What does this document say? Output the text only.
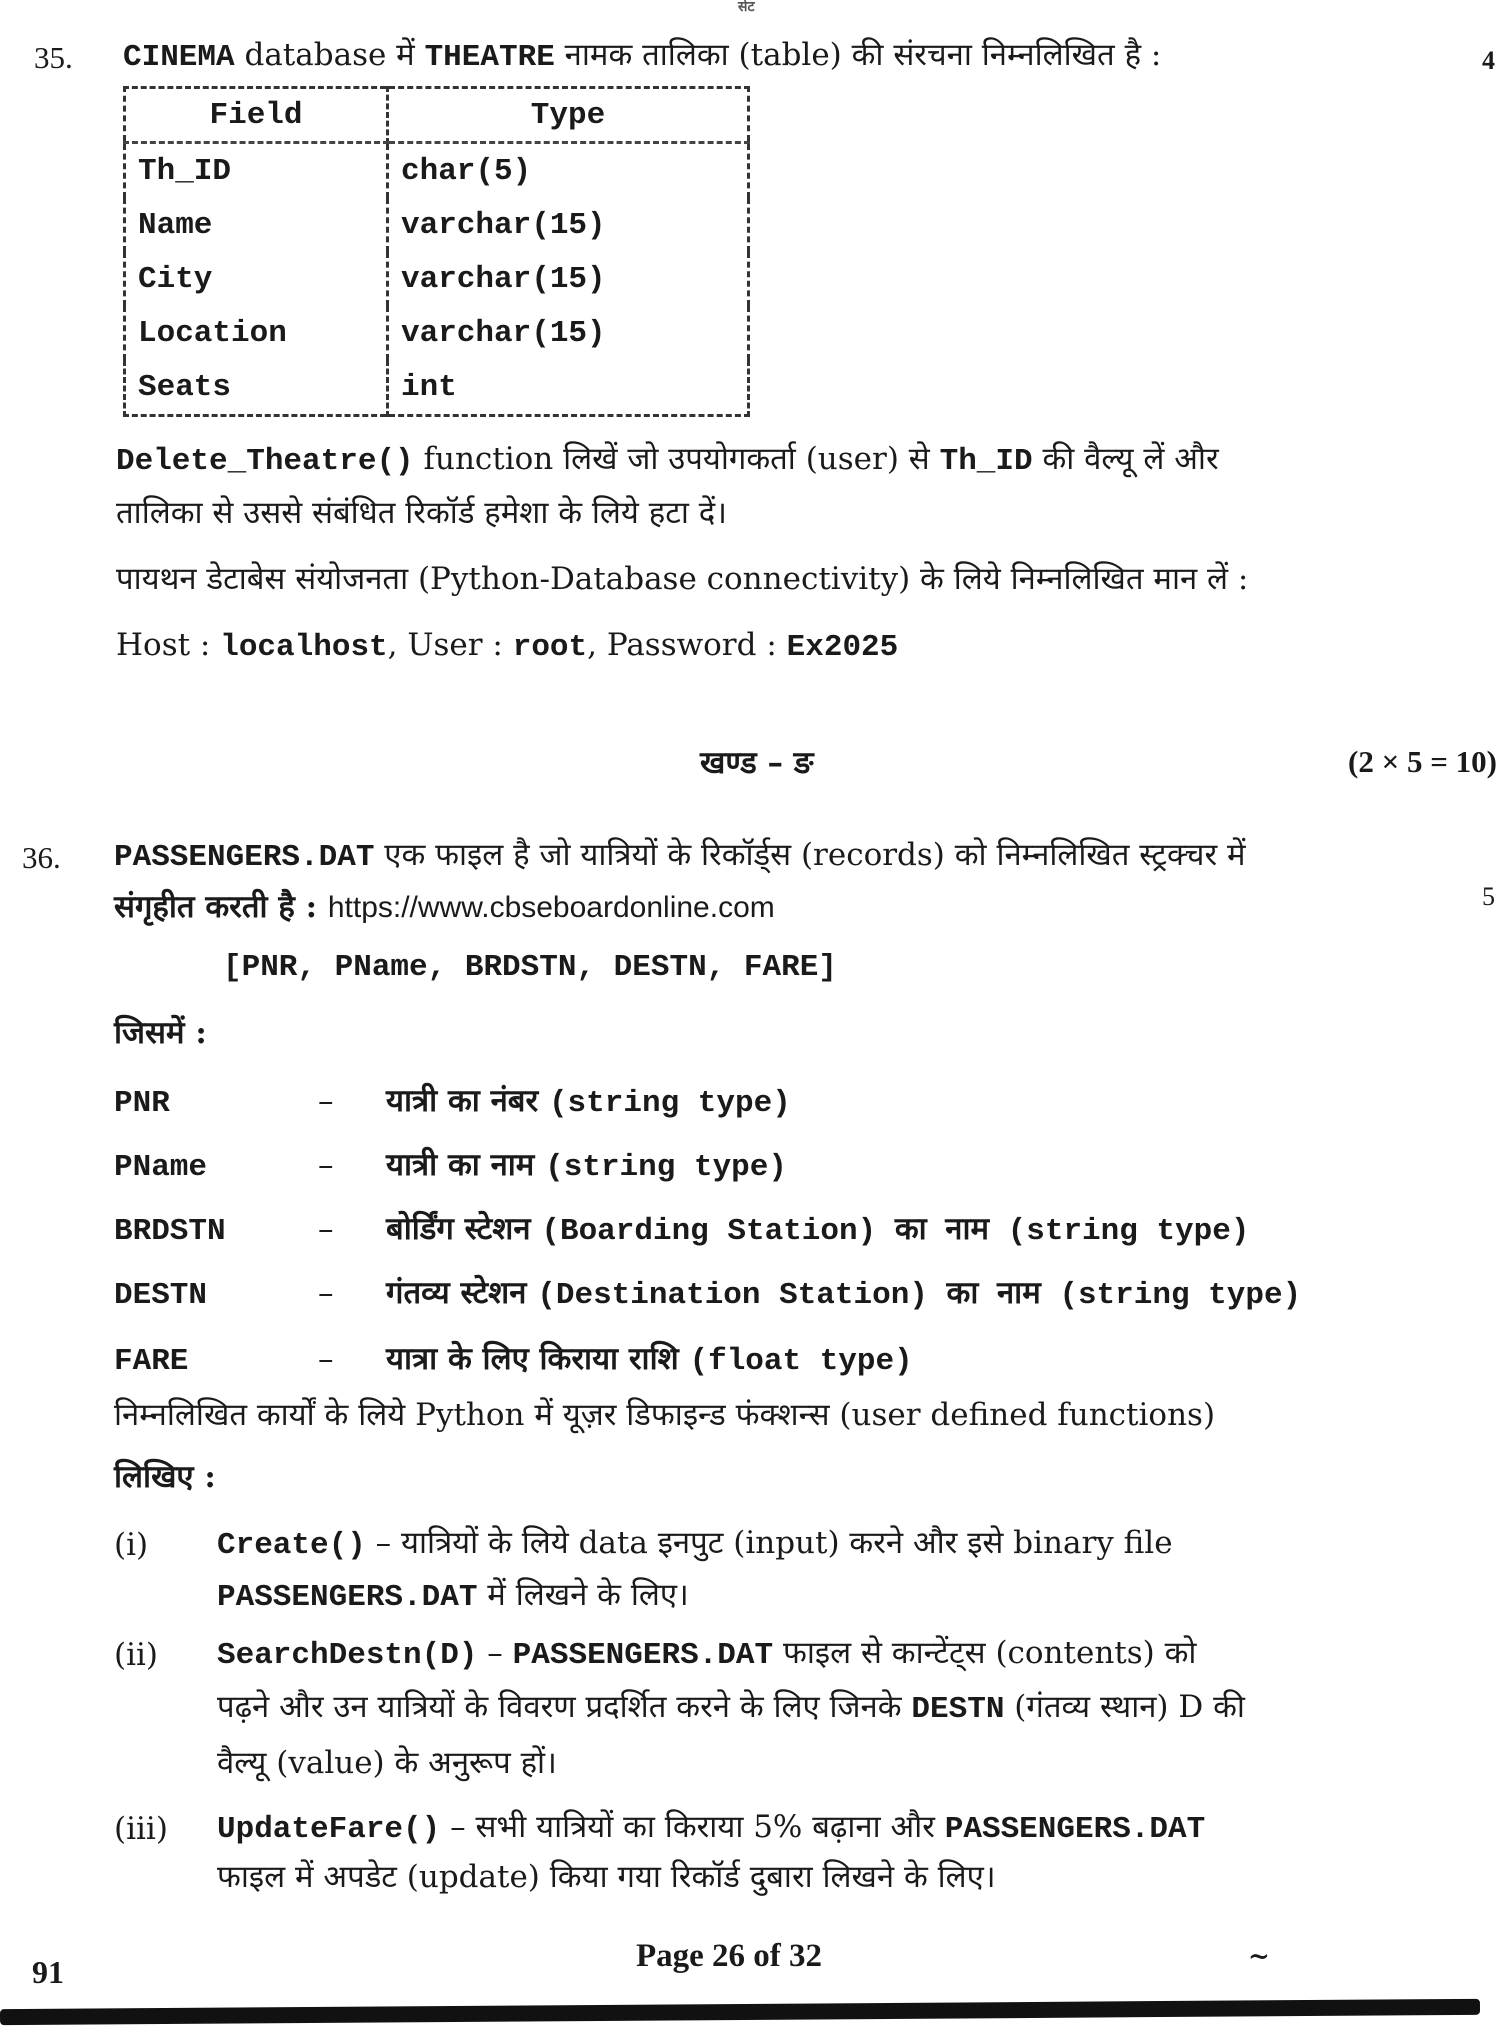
सेट
35.	4
CINEMA database में THEATRE नामक तालिका (table) की संरचना निम्नलिखित है :
Field	Type
Th_ID	char(5)
Name	varchar(15)
City	varchar(15)
Location	varchar(15)
Seats	int
Delete_Theatre() function लिखें जो उपयोगकर्ता (user) से Th_ID की वैल्यू लें और
तालिका से उससे संबंधित रिकॉर्ड हमेशा के लिये हटा दें।
पायथन डेटाबेस संयोजनता (Python-Database connectivity) के लिये निम्नलिखित मान लें :
Host : localhost, User : root, Password : Ex2025
खण्ड – ङ	(2 × 5 = 10)
36.
5
PASSENGERS.DAT एक फाइल है जो यात्रियों के रिकॉर्ड्स (records) को निम्नलिखित स्ट्रक्चर में
संगृहीत करती है : https://www.cbseboardonline.com
[PNR, PName, BRDSTN, DESTN, FARE]
जिसमें :
PNR	– यात्री का नंबर (string type)
PName	– यात्री का नाम (string type)
BRDSTN	– बोर्डिंग स्टेशन (Boarding Station) का नाम (string type)
DESTN	– गंतव्य स्टेशन (Destination Station) का नाम (string type)
FARE	– यात्रा के लिए किराया राशि (float type)
निम्नलिखित कार्यों के लिये Python में यूज़र डिफाइन्ड फंक्शन्स (user defined functions)
लिखिए :
(i) Create() – यात्रियों के लिये data इनपुट (input) करने और इसे binary file
PASSENGERS.DAT में लिखने के लिए।
(ii) SearchDestn(D) – PASSENGERS.DAT फाइल से कान्टेंट्स (contents) को
पढ़ने और उन यात्रियों के विवरण प्रदर्शित करने के लिए जिनके DESTN (गंतव्य स्थान) D की
वैल्यू (value) के अनुरूप हों।
(iii) UpdateFare() – सभी यात्रियों का किराया 5% बढ़ाना और PASSENGERS.DAT
फाइल में अपडेट (update) किया गया रिकॉर्ड दुबारा लिखने के लिए।
91	Page 26 of 32	~
